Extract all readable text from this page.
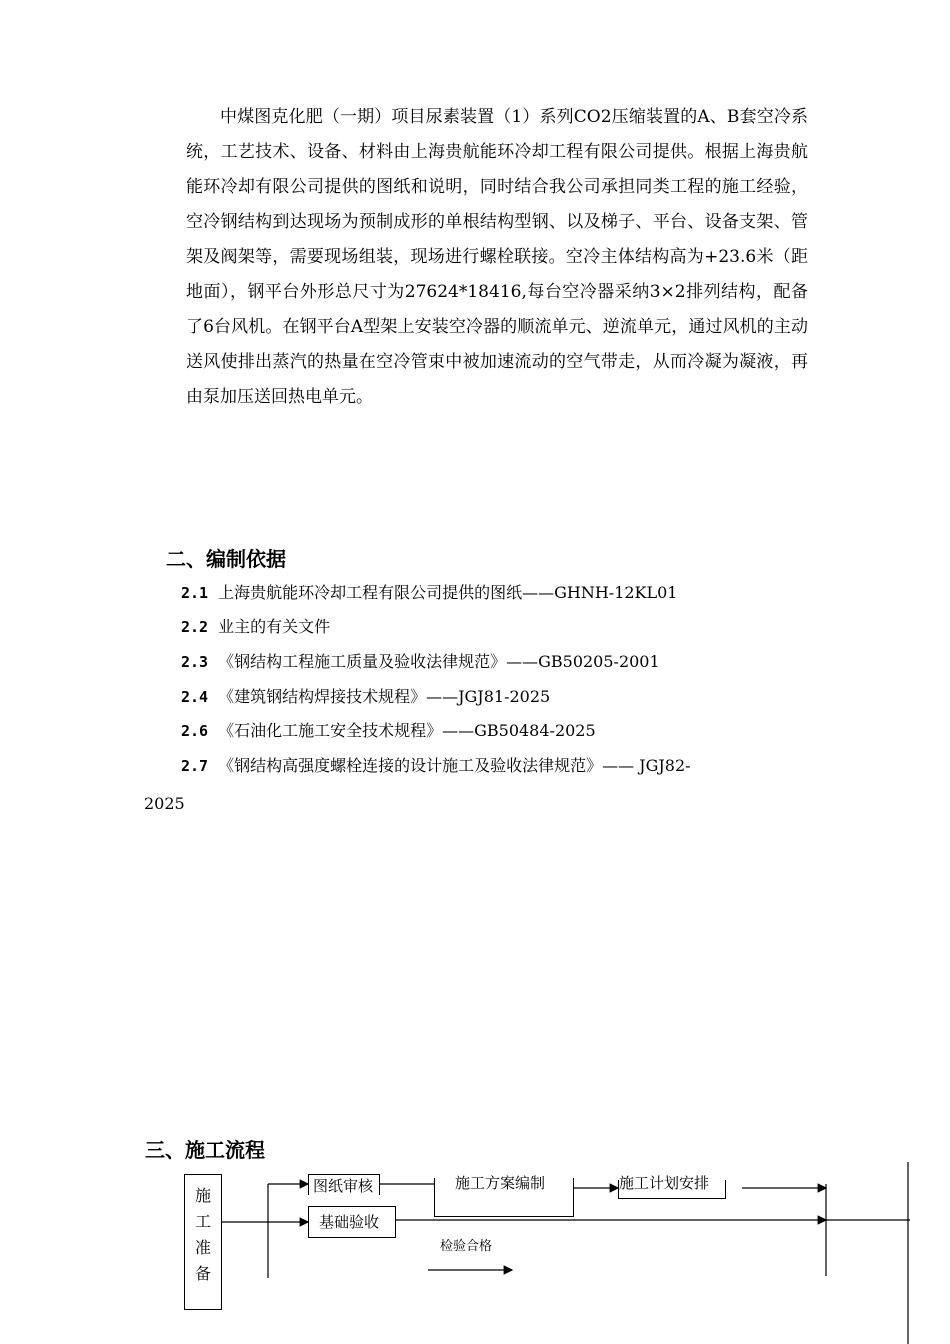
中煤图克化肥（一期）项目尿素装置（1）系列CO2压缩装置的A、B套空冷系统，工艺技术、设备、材料由上海贵航能环冷却工程有限公司提供。根据上海贵航能环冷却有限公司提供的图纸和说明，同时结合我公司承担同类工程的施工经验，空冷钢结构到达现场为预制成形的单根结构型钢、以及梯子、平台、设备支架、管架及阀架等，需要现场组装，现场进行螺栓联接。空冷主体结构高为+23.6米（距地面），钢平台外形总尺寸为27624*18416,每台空冷器采纳3×2排列结构，配备了6台风机。在钢平台A型架上安装空冷器的顺流单元、逆流单元，通过风机的主动送风使排出蒸汽的热量在空冷管束中被加速流动的空气带走，从而冷凝为凝液，再由泵加压送回热电单元。

二、编制依据
2.1 上海贵航能环冷却工程有限公司提供的图纸——GHNH-12KL01
2.2 业主的有关文件
2.3 《钢结构工程施工质量及验收法律规范》——GB50205-2001
2.4 《建筑钢结构焊接技术规程》——JGJ81-2025
2.6 《石油化工施工安全技术规程》——GB50484-2025
2.7 《钢结构高强度螺栓连接的设计施工及验收法律规范》—— JGJ82-
2025
三、施工流程
施
工
准
备
图纸审核
基础验收
施工方案编制	施工计划安排
检验合格
